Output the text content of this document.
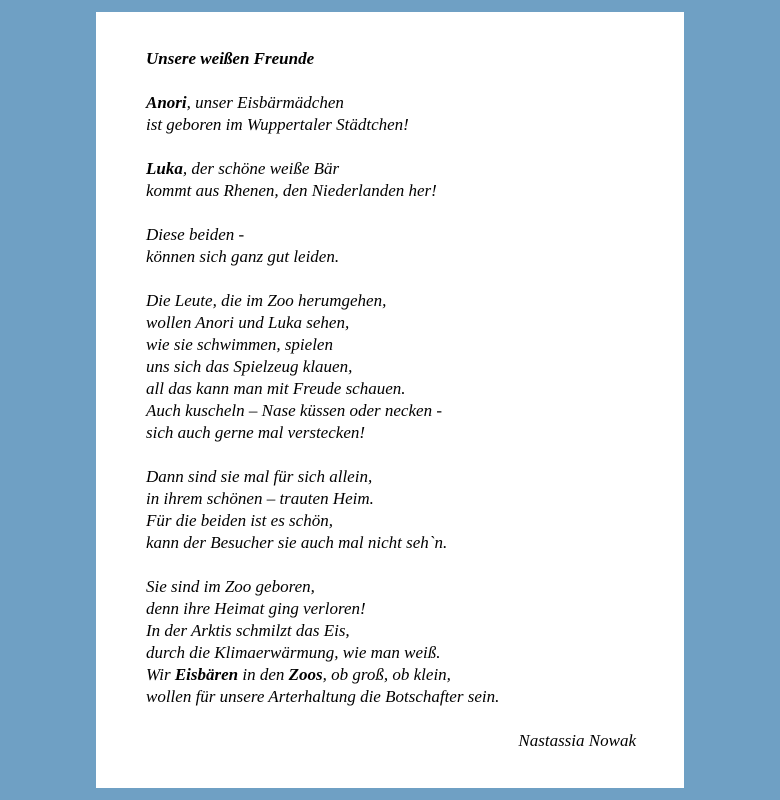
Unsere weißen Freunde
Anori, unser Eisbärmädchen
ist geboren im Wuppertaler Städtchen!
Luka, der schöne weiße Bär
kommt aus Rhenen, den Niederlanden her!
Diese beiden -
können sich ganz gut leiden.
Die Leute, die im Zoo herumgehen,
wollen Anori und Luka sehen,
wie sie schwimmen, spielen
uns sich das Spielzeug klauen,
all das kann man mit Freude schauen.
Auch kuscheln – Nase küssen oder necken -
sich auch gerne mal verstecken!
Dann sind sie mal für sich allein,
in ihrem schönen – trauten Heim.
Für die beiden ist es schön,
kann der Besucher sie auch mal nicht seh`n.
Sie sind im Zoo geboren,
denn ihre Heimat ging verloren!
In der Arktis schmilzt das Eis,
durch die Klimaerwärmung, wie man weiß.
Wir Eisbären in den Zoos, ob groß, ob klein,
wollen für unsere Arterhaltung die Botschafter sein.
Nastassia Nowak
